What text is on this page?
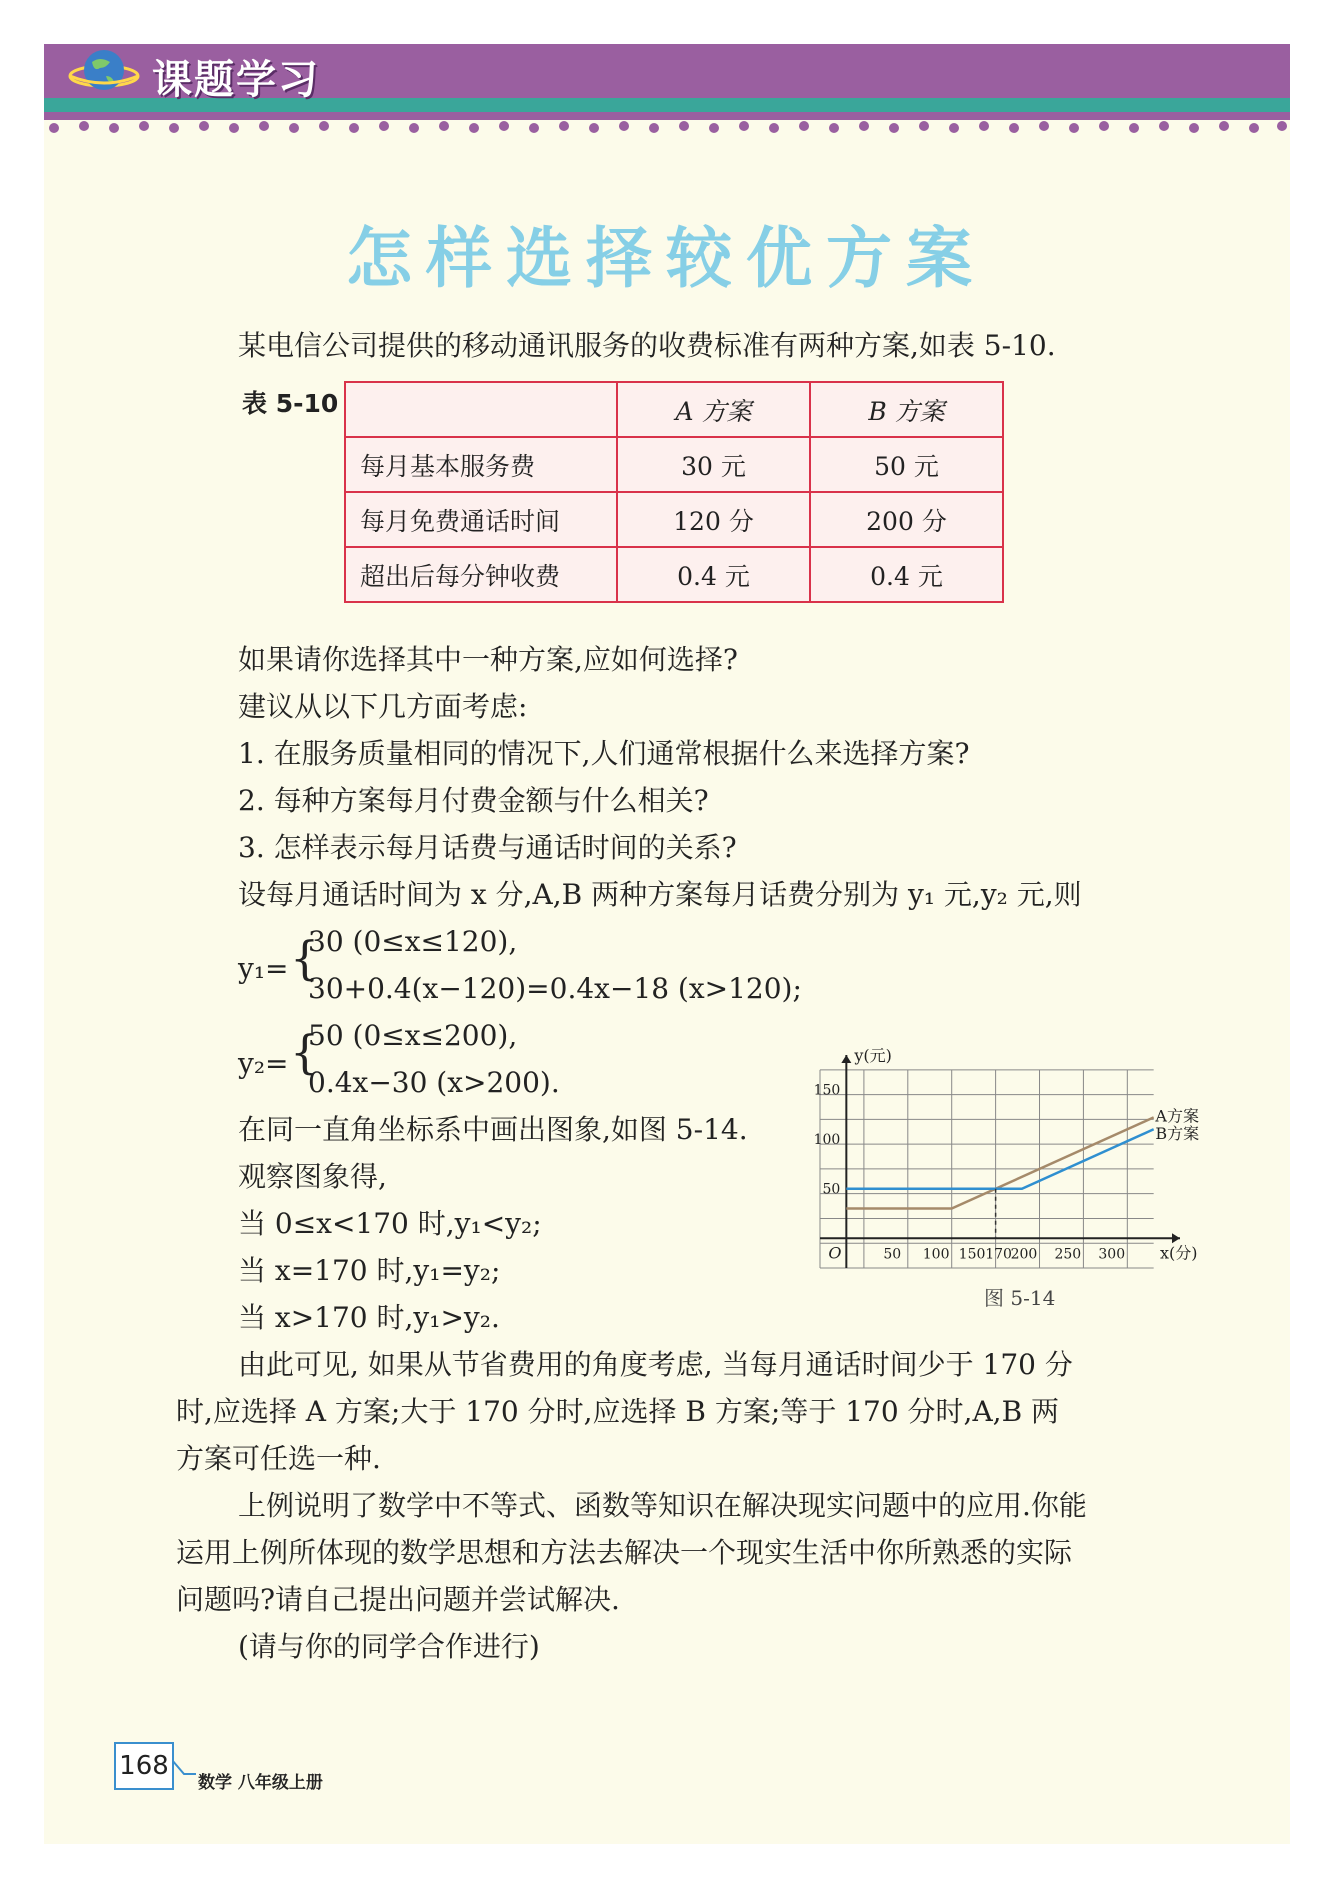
课题学习
怎样选择较优方案
某电信公司提供的移动通讯服务的收费标准有两种方案,如表 5-10.
表 5-10
		A 方案	B 方案
每月基本服务费	30 元	50 元
每月免费通话时间	120 分	200 分
超出后每分钟收费	0.4 元	0.4 元
如果请你选择其中一种方案,应如何选择?
建议从以下几方面考虑:
1. 在服务质量相同的情况下,人们通常根据什么来选择方案?
2. 每种方案每月付费金额与什么相关?
3. 怎样表示每月话费与通话时间的关系?
设每月通话时间为 x 分,A,B 两种方案每月话费分别为 y₁ 元,y₂ 元,则
y₁= {
30 (0≤x≤120),
30+0.4(x−120)=0.4x−18 (x>120);
y₂= {
50 (0≤x≤200),
0.4x−30 (x>200).
在同一直角坐标系中画出图象,如图 5-14.
观察图象得,
当 0≤x<170 时,y₁<y₂;
当 x=170 时,y₁=y₂;
当 x>170 时,y₁>y₂.
由此可见, 如果从节省费用的角度考虑, 当每月通话时间少于 170 分
时,应选择 A 方案;大于 170 分时,应选择 B 方案;等于 170 分时,A,B 两
方案可任选一种.
上例说明了数学中不等式、函数等知识在解决现实问题中的应用.你能
运用上例所体现的数学思想和方法去解决一个现实生活中你所熟悉的实际
问题吗?请自己提出问题并尝试解决.
(请与你的同学合作进行)
50 100 150 170
200 250 300
50
100
150
O
y(元)
x(分)
A方案
B方案
图 5-14
168
数学 八年级上册
